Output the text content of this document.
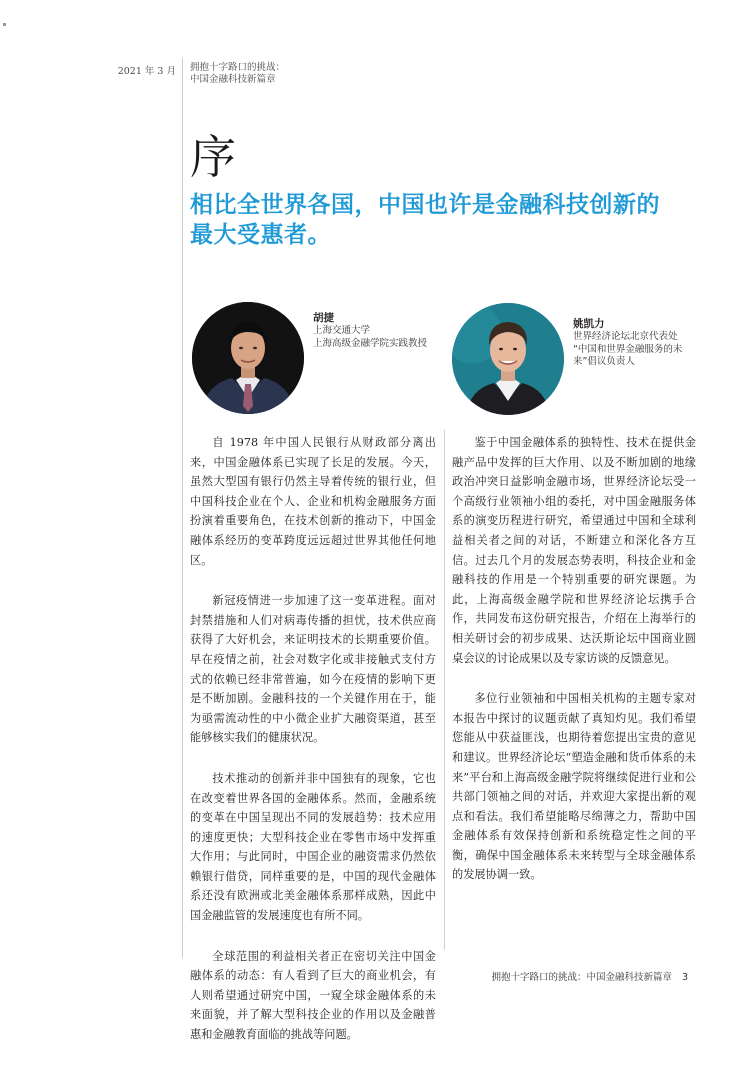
2021 年 3 月 拥抱十字路口的挑战：
中国金融科技新篇章
序
相比全世界各国，中国也许是金融科技创新的最大受惠者。
胡捷
上海交通大学
上海高级金融学院实践教授
姚凯力
世界经济论坛北京代表处
“中国和世界金融服务的未
来”倡议负责人

自 1978 年中国人民银行从财政部分离出来，中国金融体系已实现了长足的发展。今天，虽然大型国有银行仍然主导着传统的银行业，但中国科技企业在个人、企业和机构金融服务方面扮演着重要角色，在技术创新的推动下，中国金融体系经历的变革跨度远远超过世界其他任何地区。

新冠疫情进一步加速了这一变革进程。面对封禁措施和人们对病毒传播的担忧，技术供应商获得了大好机会，来证明技术的长期重要价值。早在疫情之前，社会对数字化或非接触式支付方式的依赖已经非常普遍，如今在疫情的影响下更是不断加剧。金融科技的一个关键作用在于，能为亟需流动性的中小微企业扩大融资渠道，甚至能够核实我们的健康状况。

技术推动的创新并非中国独有的现象，它也在改变着世界各国的金融体系。然而，金融系统的变革在中国呈现出不同的发展趋势：技术应用的速度更快；大型科技企业在零售市场中发挥重大作用；与此同时，中国企业的融资需求仍然依赖银行借贷，同样重要的是，中国的现代金融体系还没有欧洲或北美金融体系那样成熟，因此中国金融监管的发展速度也有所不同。

全球范围的利益相关者正在密切关注中国金融体系的动态：有人看到了巨大的商业机会，有人则希望通过研究中国，一窥全球金融体系的未来面貌，并了解大型科技企业的作用以及金融普惠和金融教育面临的挑战等问题。

鉴于中国金融体系的独特性、技术在提供金融产品中发挥的巨大作用、以及不断加剧的地缘政治冲突日益影响金融市场，世界经济论坛受一个高级行业领袖小组的委托，对中国金融服务体系的演变历程进行研究，希望通过中国和全球利益相关者之间的对话，不断建立和深化各方互信。过去几个月的发展态势表明，科技企业和金融科技的作用是一个特别重要的研究课题。为此，上海高级金融学院和世界经济论坛携手合作，共同发布这份研究报告，介绍在上海举行的相关研讨会的初步成果、达沃斯论坛中国商业圆桌会议的讨论成果以及专家访谈的反馈意见。

多位行业领袖和中国相关机构的主题专家对本报告中探讨的议题贡献了真知灼见。我们希望您能从中获益匪浅，也期待着您提出宝贵的意见和建议。世界经济论坛“塑造金融和货币体系的未来”平台和上海高级金融学院将继续促进行业和公共部门领袖之间的对话，并欢迎大家提出新的观点和看法。我们希望能略尽绵薄之力，帮助中国金融体系有效保持创新和系统稳定性之间的平衡，确保中国金融体系未来转型与全球金融体系的发展协调一致。

拥抱十字路口的挑战：中国金融科技新篇章 3
